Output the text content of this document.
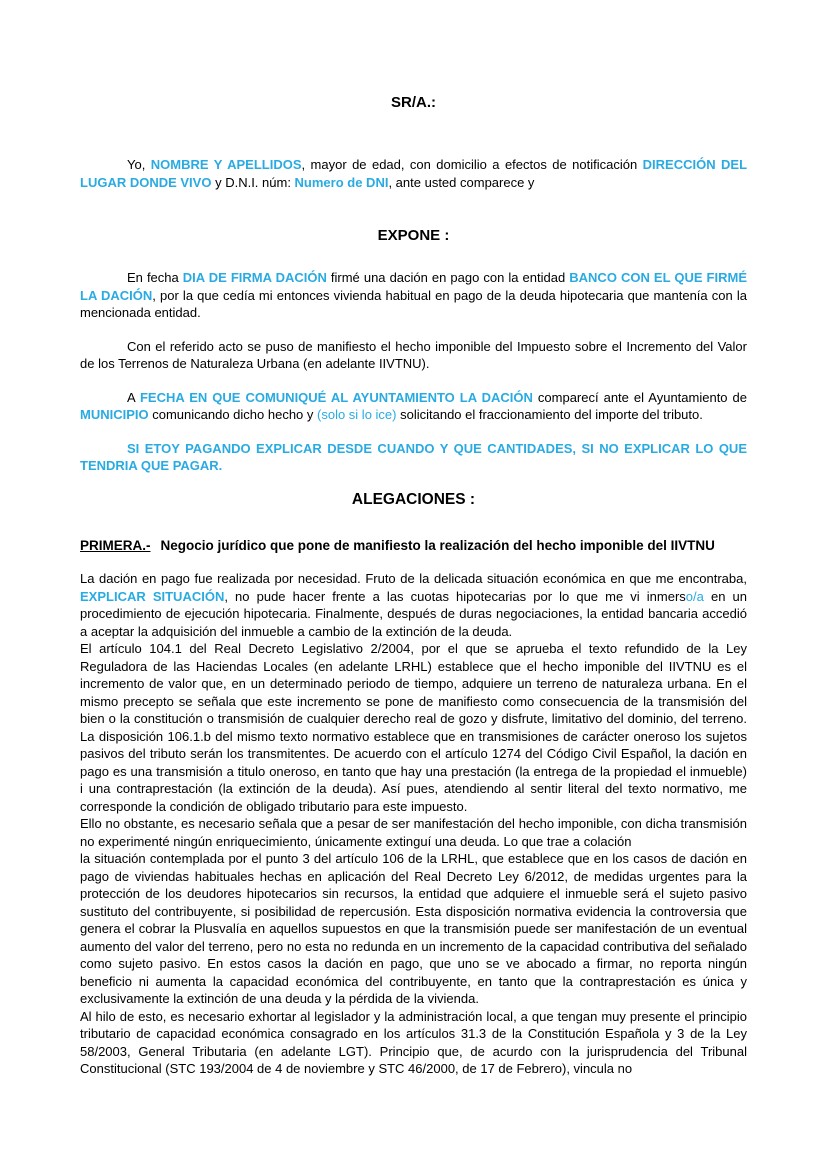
SR/A.:

Yo, NOMBRE Y APELLIDOS, mayor de edad, con domicilio a efectos de notificación DIRECCIÓN DEL LUGAR DONDE VIVO y D.N.I. núm: Numero de DNI, ante usted comparece y

EXPONE :

En fecha DIA DE FIRMA DACIÓN firmé una dación en pago con la entidad BANCO CON EL QUE FIRMÉ LA DACIÓN, por la que cedía mi entonces vivienda habitual en pago de la deuda hipotecaria que mantenía con la mencionada entidad.

Con el referido acto se puso de manifiesto el hecho imponible del Impuesto sobre el Incremento del Valor de los Terrenos de Naturaleza Urbana (en adelante IIVTNU).

A FECHA EN QUE COMUNIQUÉ AL AYUNTAMIENTO LA DACIÓN comparecí ante el Ayuntamiento de MUNICIPIO comunicando dicho hecho y (solo si lo ice) solicitando el fraccionamiento del importe del tributo.

SI ETOY PAGANDO EXPLICAR DESDE CUANDO Y QUE CANTIDADES, SI NO EXPLICAR LO QUE TENDRIA QUE PAGAR.

ALEGACIONES :

PRIMERA.- Negocio jurídico que pone de manifiesto la realización del hecho imponible del IIVTNU

La dación en pago fue realizada por necesidad. Fruto de la delicada situación económica en que me encontraba, EXPLICAR SITUACIÓN, no pude hacer frente a las cuotas hipotecarias por lo que me vi inmerso/a en un procedimiento de ejecución hipotecaria. Finalmente, después de duras negociaciones, la entidad bancaria accedió a aceptar la adquisición del inmueble a cambio de la extinción de la deuda.

El artículo 104.1 del Real Decreto Legislativo 2/2004, por el que se aprueba el texto refundido de la Ley Reguladora de las Haciendas Locales (en adelante LRHL) establece que el hecho imponible del IIVTNU es el incremento de valor que, en un determinado periodo de tiempo, adquiere un terreno de naturaleza urbana. En el mismo precepto se señala que este incremento se pone de manifiesto como consecuencia de la transmisión del bien o la constitución o transmisión de cualquier derecho real de gozo y disfrute, limitativo del dominio, del terreno. La disposición 106.1.b del mismo texto normativo establece que en transmisiones de carácter oneroso los sujetos pasivos del tributo serán los transmitentes. De acuerdo con el artículo 1274 del Código Civil Español, la dación en pago es una transmisión a titulo oneroso, en tanto que hay una prestación (la entrega de la propiedad el inmueble) i una contraprestación (la extinción de la deuda). Así pues, atendiendo al sentir literal del texto normativo, me corresponde la condición de obligado tributario para este impuesto.

Ello no obstante, es necesario señala que a pesar de ser manifestación del hecho imponible, con dicha transmisión no experimenté ningún enriquecimiento, únicamente extinguí una deuda. Lo que trae a colación

la situación contemplada por el punto 3 del artículo 106 de la LRHL, que establece que en los casos de dación en pago de viviendas habituales hechas en aplicación del Real Decreto Ley 6/2012, de medidas urgentes para la protección de los deudores hipotecarios sin recursos, la entidad que adquiere el inmueble será el sujeto pasivo sustituto del contribuyente, si posibilidad de repercusión. Esta disposición normativa evidencia la controversia que genera el cobrar la Plusvalía en aquellos supuestos en que la transmisión puede ser manifestación de un eventual aumento del valor del terreno, pero no esta no redunda en un incremento de la capacidad contributiva del señalado como sujeto pasivo. En estos casos la dación en pago, que uno se ve abocado a firmar, no reporta ningún beneficio ni aumenta la capacidad económica del contribuyente, en tanto que la contraprestación es única y exclusivamente la extinción de una deuda y la pérdida de la vivienda.

Al hilo de esto, es necesario exhortar al legislador y la administración local, a que tengan muy presente el principio tributario de capacidad económica consagrado en los artículos 31.3 de la Constitución Española y 3 de la Ley 58/2003, General Tributaria (en adelante LGT). Principio que, de acurdo con la jurisprudencia del Tribunal Constitucional (STC 193/2004 de 4 de noviembre y STC 46/2000, de 17 de Febrero), vincula no
